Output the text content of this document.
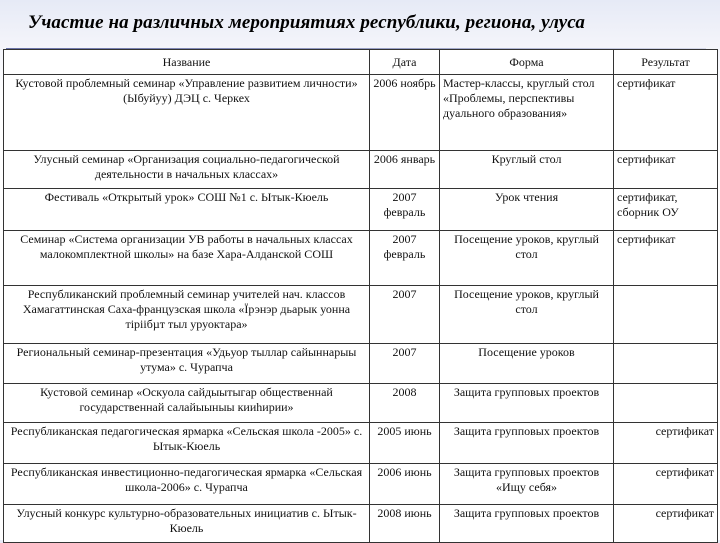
Участие на различных мероприятиях республики, региона, улуса
Название	Дата	Форма	Результат
Кустовой проблемный семинар «Управление развитием личности» (Ыбуйуу) ДЭЦ с. Черкех	2006 ноябрь	Мастер-классы, круглый стол «Проблемы, перспективы дуального образования»	сертификат
Улусный семинар «Организация социально-педагогической деятельности в начальных классах»	2006 январь	Круглый стол	сертификат
Фестиваль «Открытый урок» СОШ №1 с. Ытык-Кюель	2007 февраль	Урок чтения	сертификат, сборник ОУ
Семинар «Система организации УВ работы в начальных классах малокомплектной школы» на базе Хара-Алданской СОШ	2007 февраль	Посещение уроков, круглый стол	сертификат
Республиканский проблемный семинар учителей нач. классов Хамагаттинская Саха-французская школа «Їрэнэр дьарык уонна тіріібµт тыл уруоктара»	2007	Посещение уроков, круглый стол	
Региональный семинар-презентация «Удьуор тыллар сайыннарыы утума» с. Чурапча	2007	Посещение уроков	
Кустовой семинар «Оскуола сайдыытыгар общественнай государственнай салайыыныы кииhирии»	2008	Защита групповых проектов	
Республиканская педагогическая ярмарка «Сельская школа -2005» с. Ытык-Кюель	2005 июнь	Защита групповых проектов	сертификат
Республиканская инвестиционно-педагогическая ярмарка «Сельская школа-2006» с. Чурапча	2006 июнь	Защита групповых проектов «Ищу себя»	сертификат
Улусный конкурс культурно-образовательных инициатив с. Ытык-Кюель	2008 июнь	Защита групповых проектов	сертификат
